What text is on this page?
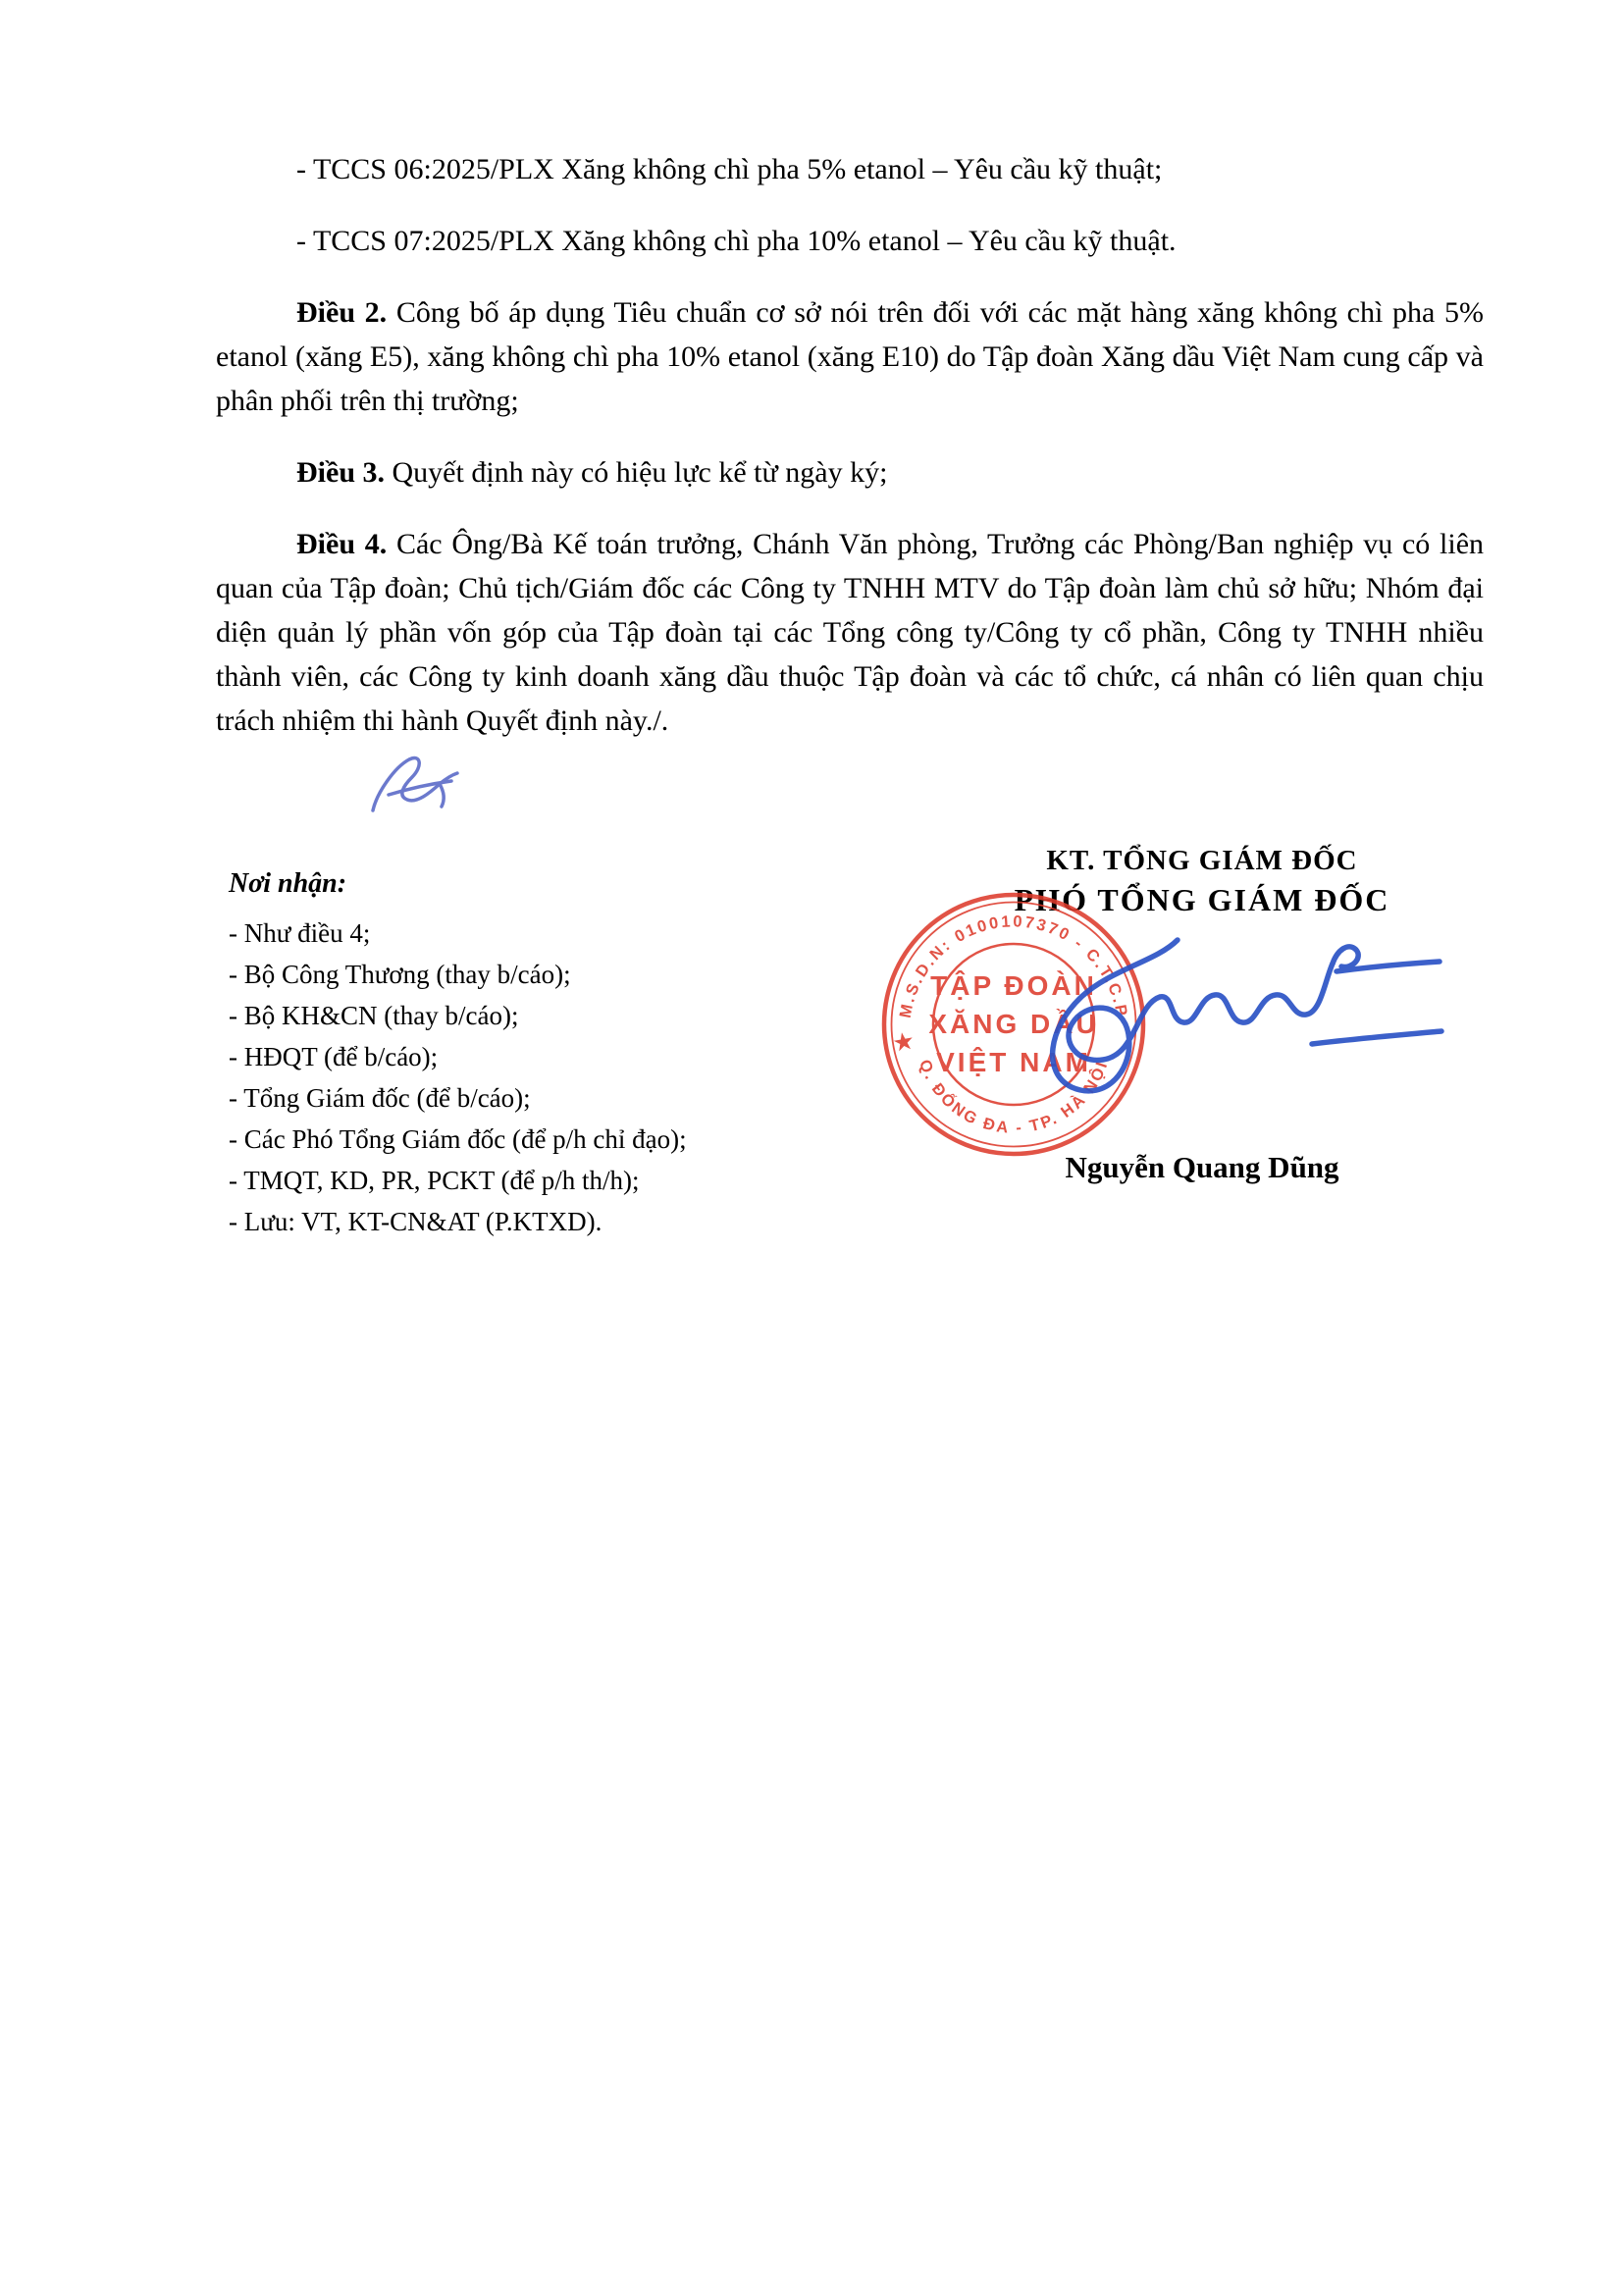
- TCCS 06:2025/PLX Xăng không chì pha 5% etanol – Yêu cầu kỹ thuật;

- TCCS 07:2025/PLX Xăng không chì pha 10% etanol – Yêu cầu kỹ thuật.

Điều 2. Công bố áp dụng Tiêu chuẩn cơ sở nói trên đối với các mặt hàng xăng không chì pha 5% etanol (xăng E5), xăng không chì pha 10% etanol (xăng E10) do Tập đoàn Xăng dầu Việt Nam cung cấp và phân phối trên thị trường;

Điều 3. Quyết định này có hiệu lực kể từ ngày ký;

Điều 4. Các Ông/Bà Kế toán trưởng, Chánh Văn phòng, Trưởng các Phòng/Ban nghiệp vụ có liên quan của Tập đoàn; Chủ tịch/Giám đốc các Công ty TNHH MTV do Tập đoàn làm chủ sở hữu; Nhóm đại diện quản lý phần vốn góp của Tập đoàn tại các Tổng công ty/Công ty cổ phần, Công ty TNHH nhiều thành viên, các Công ty kinh doanh xăng dầu thuộc Tập đoàn và các tổ chức, cá nhân có liên quan chịu trách nhiệm thi hành Quyết định này./.

Nơi nhận:

- Như điều 4;
- Bộ Công Thương (thay b/cáo);
- Bộ KH&CN (thay b/cáo);
- HĐQT (để b/cáo);
- Tổng Giám đốc (để b/cáo);
- Các Phó Tổng Giám đốc (để p/h chỉ đạo);
- TMQT, KD, PR, PCKT (để p/h th/h);
- Lưu: VT, KT-CN&AT (P.KTXD).
KT. TỔNG GIÁM ĐỐC
PHÓ TỔNG GIÁM ĐỐC
M.S.D.N: 0100107370 - C.T.C.P
Q. ĐỐNG ĐA - TP. HÀ NỘI
★
TẬP ĐOÀN
XĂNG DẦU
VIỆT NAM
Nguyễn Quang Dũng
